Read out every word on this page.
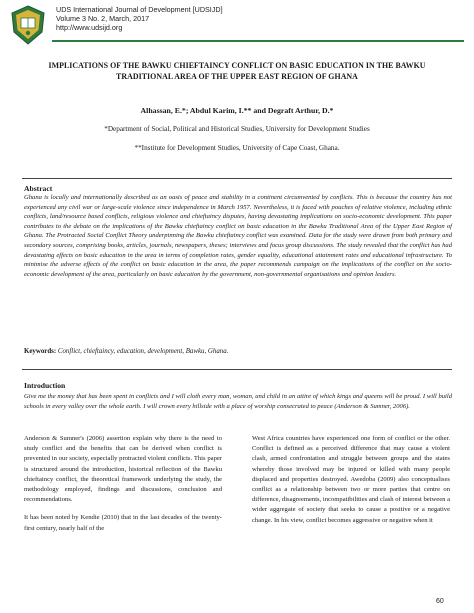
UDS International Journal of Development [UDSIJD]
Volume 3 No. 2, March, 2017
http://www.udsijd.org
IMPLICATIONS OF THE BAWKU CHIEFTAINCY CONFLICT ON BASIC EDUCATION IN THE BAWKU TRADITIONAL AREA OF THE UPPER EAST REGION OF GHANA
Alhassan, E.*; Abdul Karim, I.** and Degraft Arthur, D.*
*Department of Social, Political and Historical Studies, University for Development Studies
**Institute for Development Studies, University of Cape Coast, Ghana.
Abstract
Ghana is locally and internationally described as an oasis of peace and stability in a continent circumvented by conflicts. This is because the country has not experienced any civil war or large-scale violence since independence in March 1957. Nevertheless, it is faced with pouches of relative violence, including ethnic conflicts, land/resource based conflicts, religious violence and chieftaincy disputes, having devastating implications on socio-economic development. This paper contributes to the debate on the implications of the Bawku chieftaincy conflict on basic education in the Bawku Traditional Area of the Upper East Region of Ghana. The Protracted Social Conflict Theory underpinning the Bawku chieftaincy conflict was examined. Data for the study were drawn from both primary and secondary sources, comprising books, articles, journals, newspapers, theses; interviews and focus group discussions. The study revealed that the conflict has had devastating effects on basic education in the area in terms of completion rates, gender equality, educational attainment rates and educational infrastructure. To minimise the adverse effects of the conflict on basic education in the area, the paper recommends campaign on the implications of the conflict on the socio-economic development of the area, particularly on basic education by the government, non-governmental organisations and opinion leaders.
Keywords: Conflict, chieftaincy, education, development, Bawku, Ghana.
Introduction
Give me the money that has been spent in conflicts and I will cloth every man, woman, and child in an attire of which kings and queens will be proud. I will build schools in every valley over the whole earth. I will crown every hillside with a place of worship consecrated to peace (Anderson & Sumner, 2006).

Anderson & Sumner's (2006) assertion explain why there is the need to study conflict and the benefits that can be derived when conflict is prevented in our society, especially protracted violent conflicts. This paper is structured around the introduction, historical reflection of the Bawku chieftaincy conflict, the theoretical framework underlying the study, the methodology employed, findings and discussions, conclusion and recommendations.

It has been noted by Kendie (2010) that in the last decades of the twenty-first century, nearly half of the

West Africa countries have experienced one form of conflict or the other. Conflict is defined as a perceived difference that may cause a violent clash, armed confrontation and struggle between groups and the states whereby those involved may be injured or killed with many people displaced and properties destroyed. Awedoba (2009) also conceptualises conflict as a relationship between two or more parties that centre on difference, disagreements, incompatibilities and clash of interest between a wider aggregate of society that seeks to cause a positive or a negative change. In his view, conflict becomes aggressive or negative when it

60
